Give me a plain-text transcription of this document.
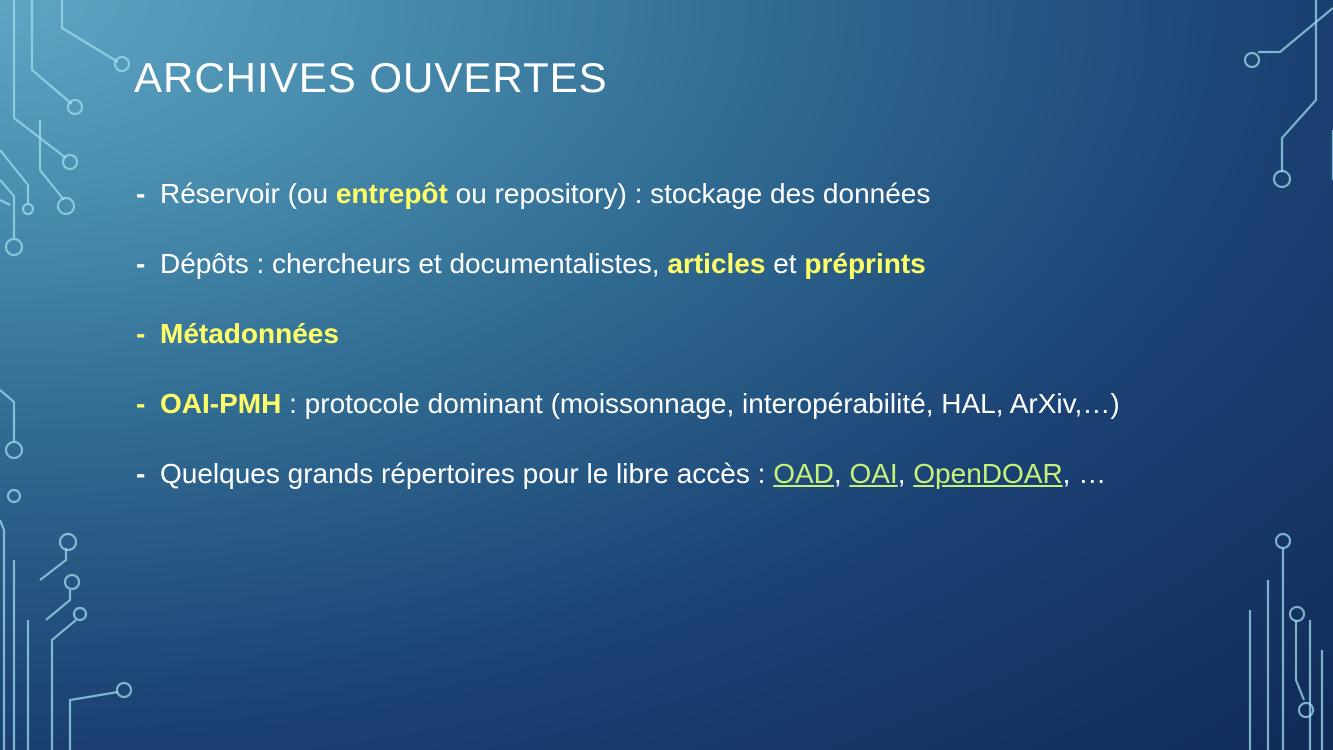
ARCHIVES OUVERTES
- Réservoir (ou entrepôt ou repository) : stockage des données
- Dépôts : chercheurs et documentalistes, articles et préprints
- Métadonnées
- OAI-PMH : protocole dominant (moissonnage, interopérabilité, HAL, ArXiv,…)
- Quelques grands répertoires pour le libre accès : OAD, OAI, OpenDOAR, …
